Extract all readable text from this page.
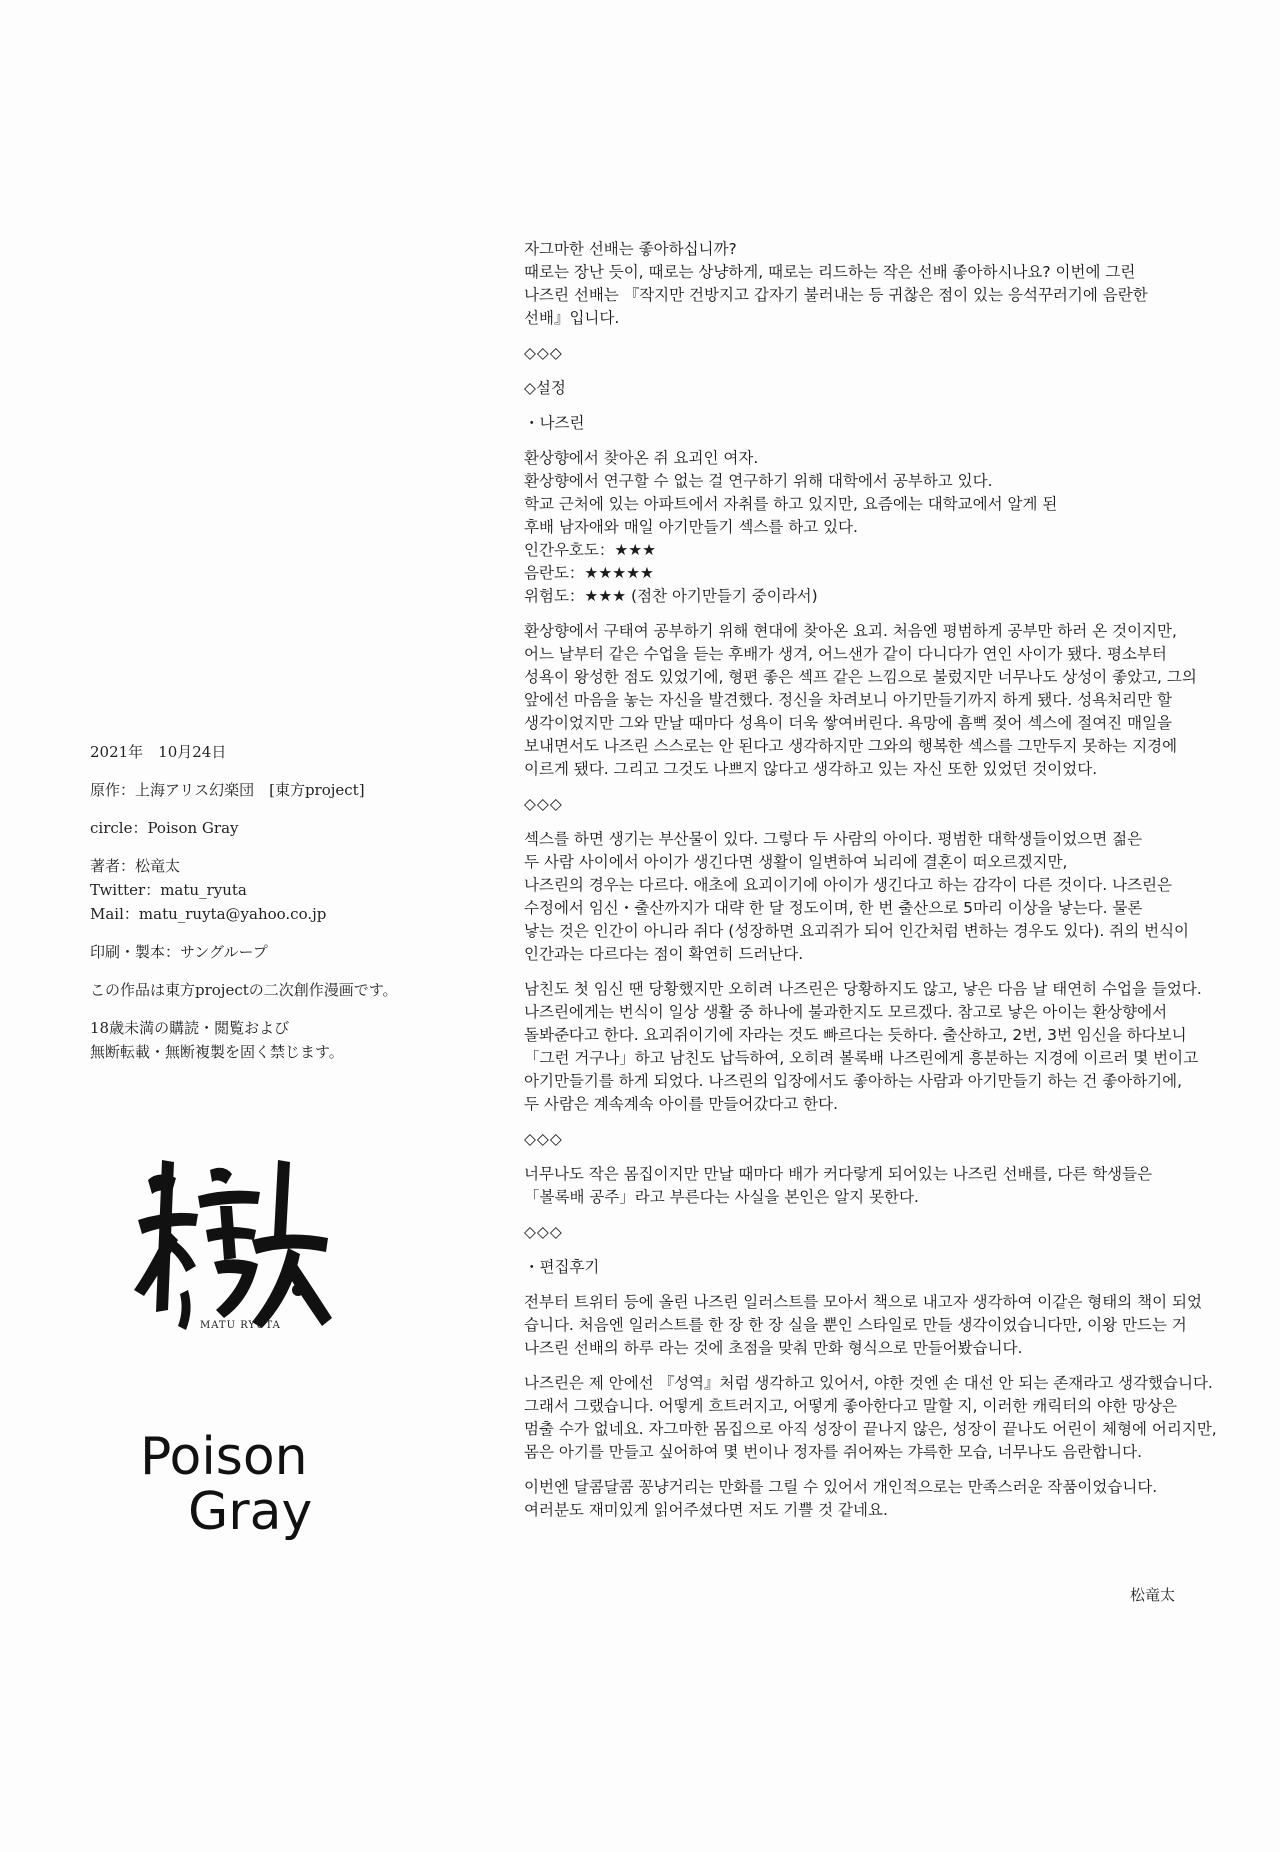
2021年　10月24日
原作：上海アリス幻楽団　[東方project]
circle：Poison Gray
著者：松竜太
Twitter：matu_ryuta
Mail：matu_ruyta@yahoo.co.jp
印刷・製本：サングループ
この作品は東方projectの二次創作漫画です。
18歳未満の購読・閲覧および
無断転載・無断複製を固く禁じます。
MATU RYUTA
Poison
Gray

자그마한 선배는 좋아하십니까?
때로는 장난 듯이, 때로는 상냥하게, 때로는 리드하는 작은 선배 좋아하시나요? 이번에 그린
나즈린 선배는 『작지만 건방지고 갑자기 불러내는 등 귀찮은 점이 있는 응석꾸러기에 음란한
선배』입니다.

◇◇◇
◇설정
・나즈린

환상향에서 찾아온 쥐 요괴인 여자.
환상향에서 연구할 수 없는 걸 연구하기 위해 대학에서 공부하고 있다.
학교 근처에 있는 아파트에서 자취를 하고 있지만, 요즘에는 대학교에서 알게 된
후배 남자애와 매일 아기만들기 섹스를 하고 있다.
인간우호도：★★★
음란도：★★★★★
위험도：★★★ (점찬 아기만들기 중이라서)

환상향에서 구태여 공부하기 위해 현대에 찾아온 요괴. 처음엔 평범하게 공부만 하러 온 것이지만,
어느 날부터 같은 수업을 듣는 후배가 생겨, 어느샌가 같이 다니다가 연인 사이가 됐다. 평소부터
성욕이 왕성한 점도 있었기에, 형편 좋은 섹프 같은 느낌으로 불렀지만 너무나도 상성이 좋았고, 그의
앞에선 마음을 놓는 자신을 발견했다. 정신을 차려보니 아기만들기까지 하게 됐다. 성욕처리만 할
생각이었지만 그와 만날 때마다 성욕이 더욱 쌓여버린다. 욕망에 흠뻑 젖어 섹스에 절여진 매일을
보내면서도 나즈린 스스로는 안 된다고 생각하지만 그와의 행복한 섹스를 그만두지 못하는 지경에
이르게 됐다. 그리고 그것도 나쁘지 않다고 생각하고 있는 자신 또한 있었던 것이었다.

◇◇◇

섹스를 하면 생기는 부산물이 있다. 그렇다 두 사람의 아이다. 평범한 대학생들이었으면 젊은
두 사람 사이에서 아이가 생긴다면 생활이 일변하여 뇌리에 결혼이 떠오르겠지만,
나즈린의 경우는 다르다. 애초에 요괴이기에 아이가 생긴다고 하는 감각이 다른 것이다. 나즈린은
수정에서 임신・출산까지가 대략 한 달 정도이며, 한 번 출산으로 5마리 이상을 낳는다. 물론
낳는 것은 인간이 아니라 쥐다 (성장하면 요괴쥐가 되어 인간처럼 변하는 경우도 있다). 쥐의 번식이
인간과는 다르다는 점이 확연히 드러난다.

남친도 첫 임신 땐 당황했지만 오히려 나즈린은 당황하지도 않고, 낳은 다음 날 태연히 수업을 들었다.
나즈린에게는 번식이 일상 생활 중 하나에 불과한지도 모르겠다. 참고로 낳은 아이는 환상향에서
돌봐준다고 한다. 요괴쥐이기에 자라는 것도 빠르다는 듯하다. 출산하고, 2번, 3번 임신을 하다보니
「그런 거구나」하고 남친도 납득하여, 오히려 볼록배 나즈린에게 흥분하는 지경에 이르러 몇 번이고
아기만들기를 하게 되었다. 나즈린의 입장에서도 좋아하는 사람과 아기만들기 하는 건 좋아하기에,
두 사람은 계속계속 아이를 만들어갔다고 한다.

◇◇◇

너무나도 작은 몸집이지만 만날 때마다 배가 커다랗게 되어있는 나즈린 선배를, 다른 학생들은
「볼록배 공주」라고 부른다는 사실을 본인은 알지 못한다.

◇◇◇
・편집후기

전부터 트위터 등에 올린 나즈린 일러스트를 모아서 책으로 내고자 생각하여 이같은 형태의 책이 되었
습니다. 처음엔 일러스트를 한 장 한 장 실을 뿐인 스타일로 만들 생각이었습니다만, 이왕 만드는 거
나즈린 선배의 하루 라는 것에 초점을 맞춰 만화 형식으로 만들어봤습니다.

나즈린은 제 안에선 『성역』처럼 생각하고 있어서, 야한 것엔 손 대선 안 되는 존재라고 생각했습니다.
그래서 그랬습니다. 어떻게 흐트러지고, 어떻게 좋아한다고 말할 지, 이러한 캐릭터의 야한 망상은
멈출 수가 없네요. 자그마한 몸집으로 아직 성장이 끝나지 않은, 성장이 끝나도 어린이 체형에 어리지만,
몸은 아기를 만들고 싶어하여 몇 번이나 정자를 쥐어짜는 갸륵한 모습, 너무나도 음란합니다.

이번엔 달콤달콤 꽁냥거리는 만화를 그릴 수 있어서 개인적으로는 만족스러운 작품이었습니다.
여러분도 재미있게 읽어주셨다면 저도 기쁠 것 같네요.

松竜太
